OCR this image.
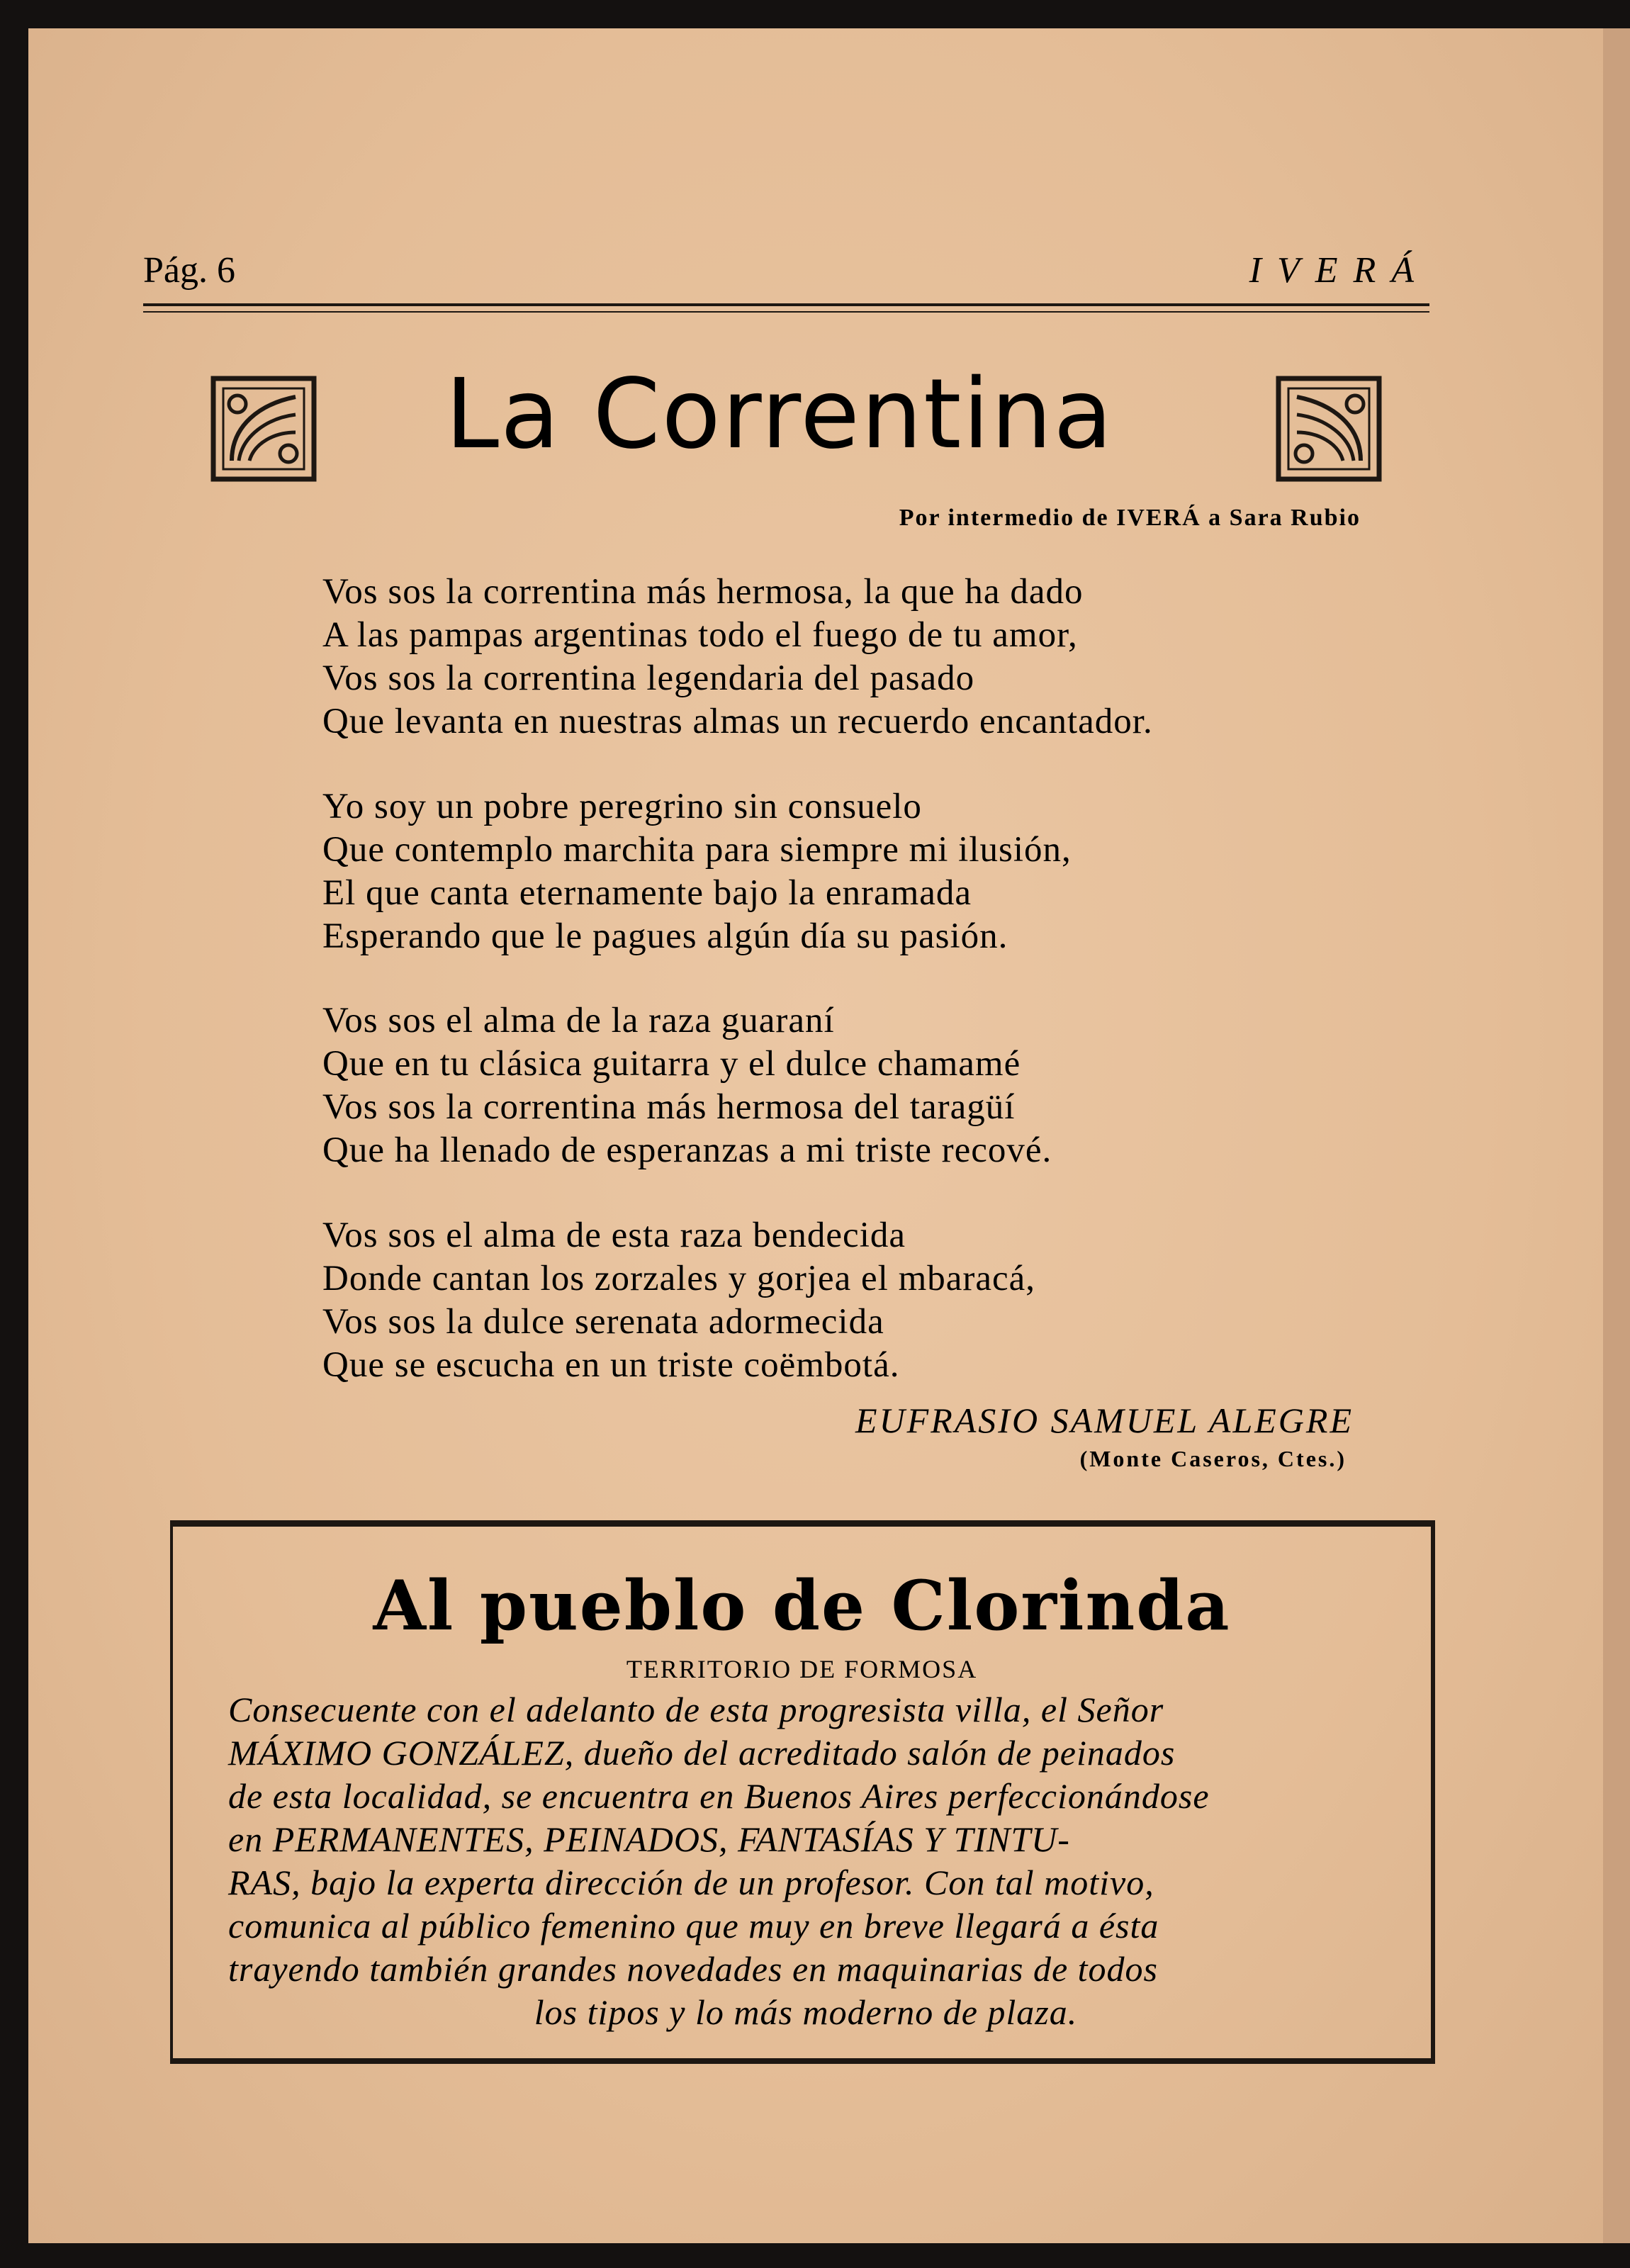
Pág. 6	IVERÁ
La Correntina
Por intermedio de IVERÁ a Sara Rubio
Vos sos la correntina más hermosa, la que ha dado
A las pampas argentinas todo el fuego de tu amor,
Vos sos la correntina legendaria del pasado
Que levanta en nuestras almas un recuerdo encantador.
Yo soy un pobre peregrino sin consuelo
Que contemplo marchita para siempre mi ilusión,
El que canta eternamente bajo la enramada
Esperando que le pagues algún día su pasión.
Vos sos el alma de la raza guaraní
Que en tu clásica guitarra y el dulce chamamé
Vos sos la correntina más hermosa del taragüí
Que ha llenado de esperanzas a mi triste recové.
Vos sos el alma de esta raza bendecida
Donde cantan los zorzales y gorjea el mbaracá,
Vos sos la dulce serenata adormecida
Que se escucha en un triste coëmbotá.
EUFRASIO SAMUEL ALEGRE
(Monte Caseros, Ctes.)
Al pueblo de Clorinda
TERRITORIO DE FORMOSA
Consecuente con el adelanto de esta progresista villa, el Señor
MÁXIMO GONZÁLEZ, dueño del acreditado salón de peinados
de esta localidad, se encuentra en Buenos Aires perfeccionándose
en PERMANENTES, PEINADOS, FANTASÍAS Y TINTU-
RAS, bajo la experta dirección de un profesor. Con tal motivo,
comunica al público femenino que muy en breve llegará a ésta
trayendo también grandes novedades en maquinarias de todos
los tipos y lo más moderno de plaza.
